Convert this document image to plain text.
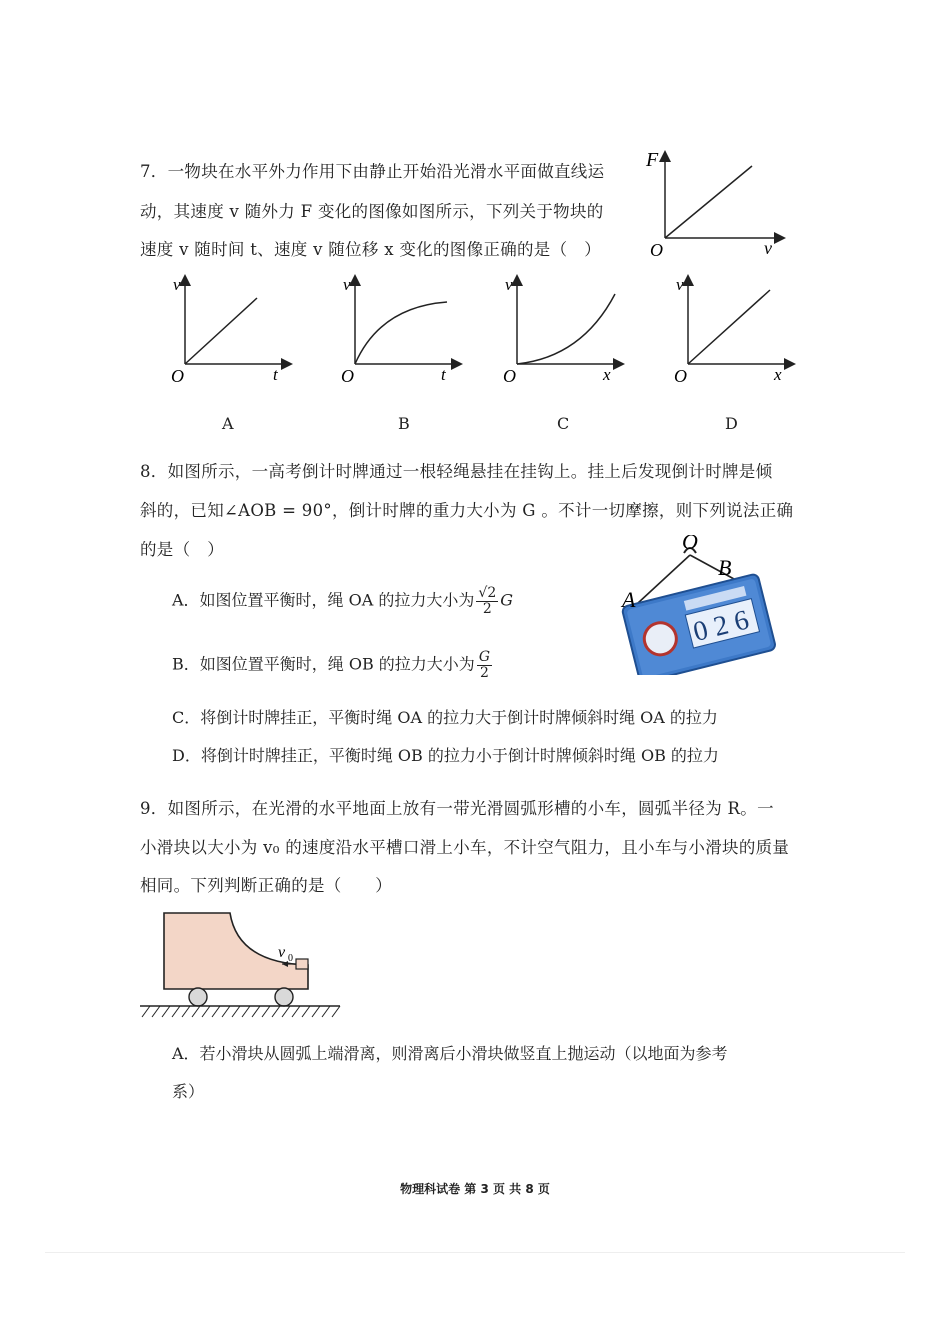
7．一物块在水平外力作用下由静止开始沿光滑水平面做直线运
动，其速度 v 随外力 F 变化的图像如图所示，下列关于物块的
速度 v 随时间 t、速度 v 随位移 x 变化的图像正确的是（　）
F
O	v
v
O	t
v
O	t
v
O	x
v
O	x
A	B	C	D
8．如图所示，一高考倒计时牌通过一根轻绳悬挂在挂钩上。挂上后发现倒计时牌是倾
斜的，已知∠AOB = 90°，倒计时牌的重力大小为 G 。不计一切摩擦，则下列说法正确
的是（　）
A．如图位置平衡时，绳 OA 的拉力大小为 $\frac{√2}{2}$ G
B．如图位置平衡时，绳 OB 的拉力大小为 $\frac{G}{2}$
C．将倒计时牌挂正，平衡时绳 OA 的拉力大于倒计时牌倾斜时绳 OA 的拉力
D．将倒计时牌挂正，平衡时绳 OB 的拉力小于倒计时牌倾斜时绳 OB 的拉力
0 2 6
O
B
A
9．如图所示，在光滑的水平地面上放有一带光滑圆弧形槽的小车，圆弧半径为 R。一
小滑块以大小为 v₀ 的速度沿水平槽口滑上小车，不计空气阻力，且小车与小滑块的质量
相同。下列判断正确的是（　　）
v 0
A．若小滑块从圆弧上端滑离，则滑离后小滑块做竖直上抛运动（以地面为参考
系）
物理科试卷 第 3 页 共 8 页
